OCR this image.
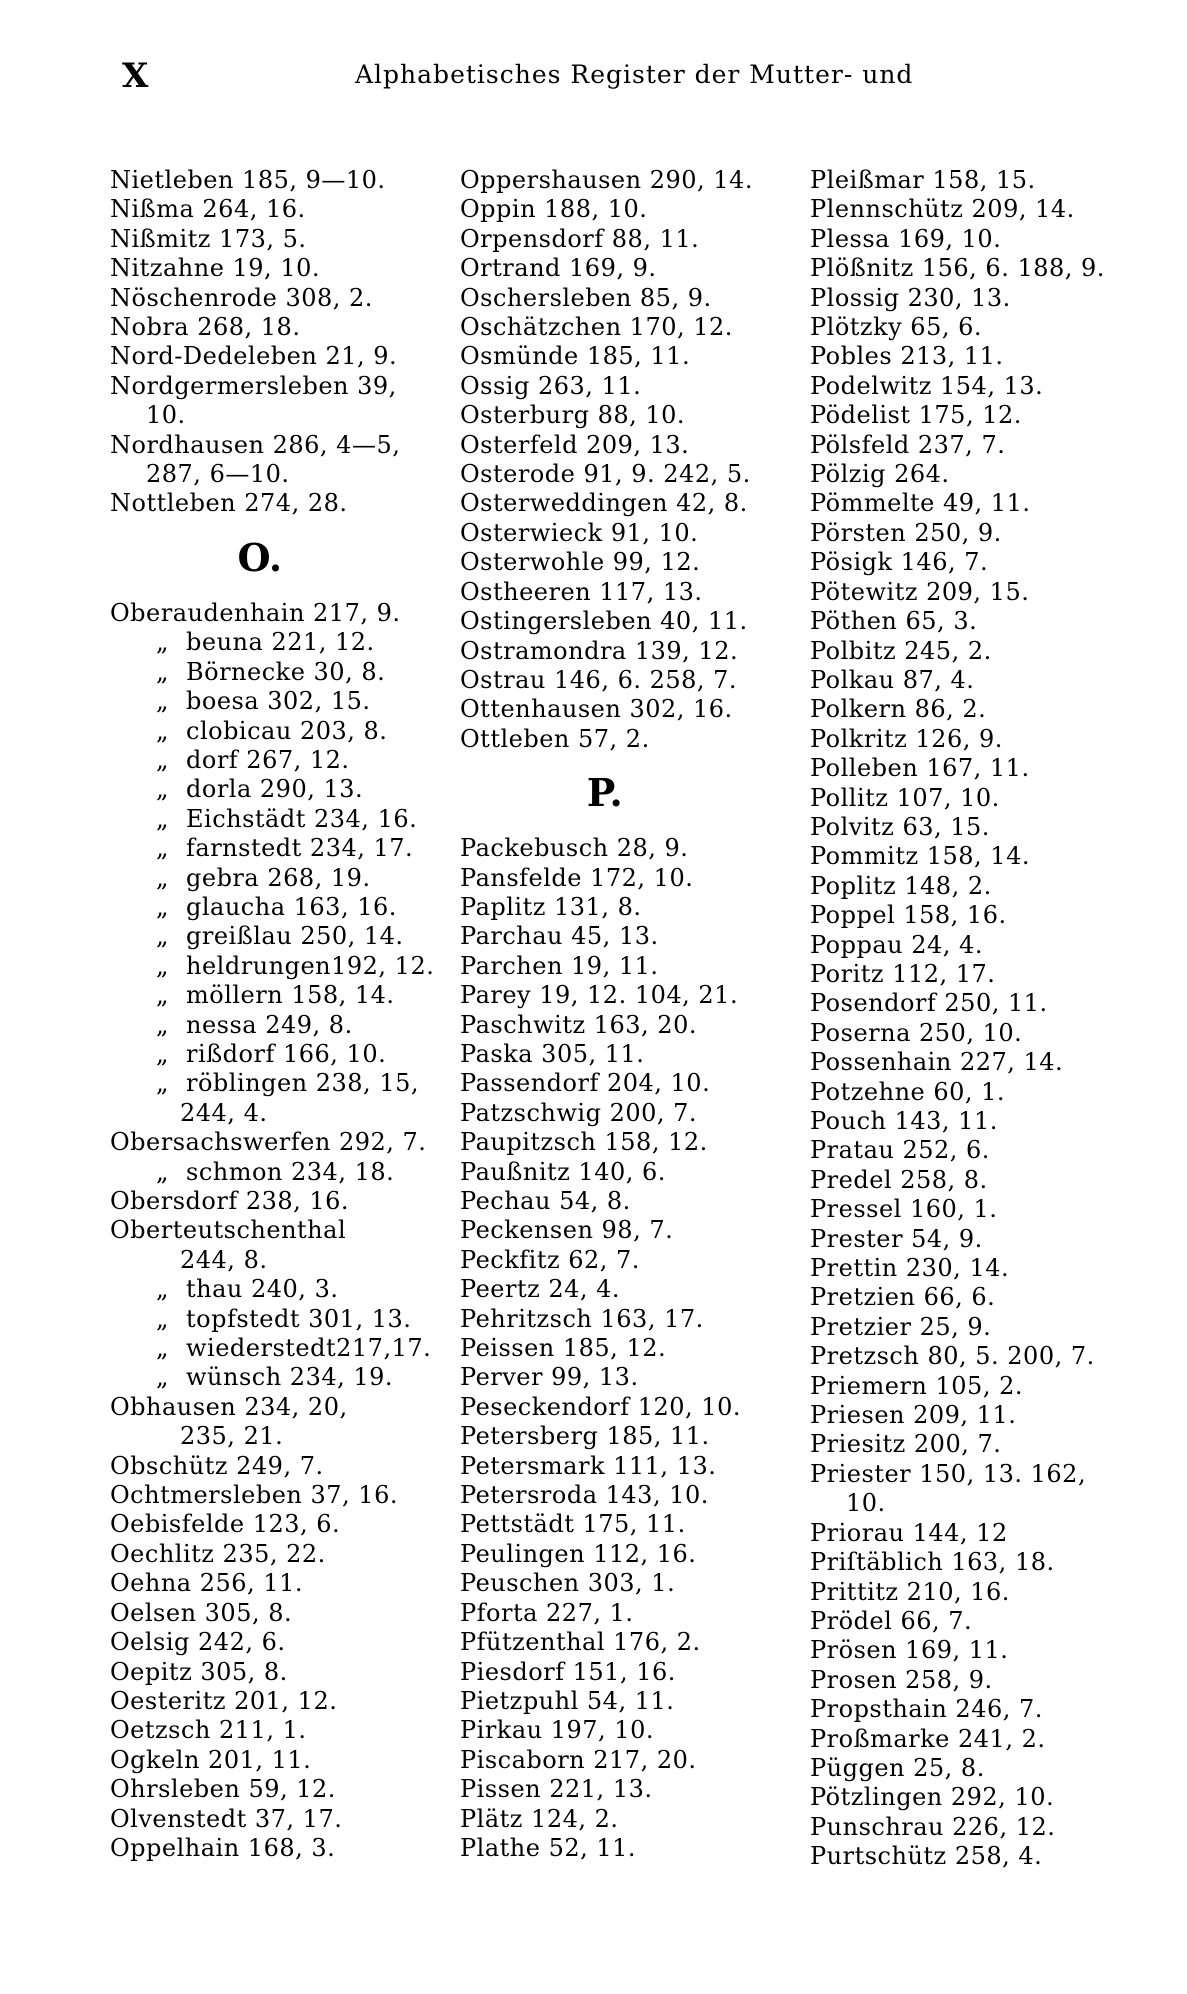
X	Alphabetisches Register der Mutter- und
Nietleben 185, 9—10.
Nißma 264, 16.
Nißmitz 173, 5.
Nitzahne 19, 10.
Nöschenrode 308, 2.
Nobra 268, 18.
Nord-Dedeleben 21, 9.
Nordgermersleben 39,
10.
Nordhausen 286, 4—5,
287, 6—10.
Nottleben 274, 28.
O.
Oberaudenhain 217, 9.
„ beuna 221, 12.
„ Börnecke 30, 8.
„ boesa 302, 15.
„ clobicau 203, 8.
„ dorf 267, 12.
„ dorla 290, 13.
„ Eichstädt 234, 16.
„ farnstedt 234, 17.
„ gebra 268, 19.
„ glaucha 163, 16.
„ greißlau 250, 14.
„ heldrungen192, 12.
„ möllern 158, 14.
„ nessa 249, 8.
„ rißdorf 166, 10.
„ röblingen 238, 15,
244, 4.
Obersachswerfen 292, 7.
„ schmon 234, 18.
Obersdorf 238, 16.
Oberteutschenthal
244, 8.
„ thau 240, 3.
„ topfstedt 301, 13.
„ wiederstedt217,17.
„ wünsch 234, 19.
Obhausen 234, 20,
235, 21.
Obschütz 249, 7.
Ochtmersleben 37, 16.
Oebisfelde 123, 6.
Oechlitz 235, 22.
Oehna 256, 11.
Oelsen 305, 8.
Oelsig 242, 6.
Oepitz 305, 8.
Oesteritz 201, 12.
Oetzsch 211, 1.
Ogkeln 201, 11.
Ohrsleben 59, 12.
Olvenstedt 37, 17.
Oppelhain 168, 3.
Oppershausen 290, 14.
Oppin 188, 10.
Orpensdorf 88, 11.
Ortrand 169, 9.
Oschersleben 85, 9.
Oschätzchen 170, 12.
Osmünde 185, 11.
Ossig 263, 11.
Osterburg 88, 10.
Osterfeld 209, 13.
Osterode 91, 9. 242, 5.
Osterweddingen 42, 8.
Osterwieck 91, 10.
Osterwohle 99, 12.
Ostheeren 117, 13.
Ostingersleben 40, 11.
Ostramondra 139, 12.
Ostrau 146, 6. 258, 7.
Ottenhausen 302, 16.
Ottleben 57, 2.
P.
Packebusch 28, 9.
Pansfelde 172, 10.
Paplitz 131, 8.
Parchau 45, 13.
Parchen 19, 11.
Parey 19, 12. 104, 21.
Paschwitz 163, 20.
Paska 305, 11.
Passendorf 204, 10.
Patzschwig 200, 7.
Paupitzsch 158, 12.
Paußnitz 140, 6.
Pechau 54, 8.
Peckensen 98, 7.
Peckfitz 62, 7.
Peertz 24, 4.
Pehritzsch 163, 17.
Peissen 185, 12.
Perver 99, 13.
Peseckendorf 120, 10.
Petersberg 185, 11.
Petersmark 111, 13.
Petersroda 143, 10.
Pettstädt 175, 11.
Peulingen 112, 16.
Peuschen 303, 1.
Pforta 227, 1.
Pfützenthal 176, 2.
Piesdorf 151, 16.
Pietzpuhl 54, 11.
Pirkau 197, 10.
Piscaborn 217, 20.
Pissen 221, 13.
Plätz 124, 2.
Plathe 52, 11.
Pleißmar 158, 15.
Plennschütz 209, 14.
Plessa 169, 10.
Plößnitz 156, 6. 188, 9.
Plossig 230, 13.
Plötzky 65, 6.
Pobles 213, 11.
Podelwitz 154, 13.
Pödelist 175, 12.
Pölsfeld 237, 7.
Pölzig 264.
Pömmelte 49, 11.
Pörsten 250, 9.
Pösigk 146, 7.
Pötewitz 209, 15.
Pöthen 65, 3.
Polbitz 245, 2.
Polkau 87, 4.
Polkern 86, 2.
Polkritz 126, 9.
Polleben 167, 11.
Pollitz 107, 10.
Polvitz 63, 15.
Pommitz 158, 14.
Poplitz 148, 2.
Poppel 158, 16.
Poppau 24, 4.
Poritz 112, 17.
Posendorf 250, 11.
Poserna 250, 10.
Possenhain 227, 14.
Potzehne 60, 1.
Pouch 143, 11.
Pratau 252, 6.
Predel 258, 8.
Pressel 160, 1.
Prester 54, 9.
Prettin 230, 14.
Pretzien 66, 6.
Pretzier 25, 9.
Pretzsch 80, 5. 200, 7.
Priemern 105, 2.
Priesen 209, 11.
Priesitz 200, 7.
Priester 150, 13. 162,
10.
Priorau 144, 12
Priſtäblich 163, 18.
Prittitz 210, 16.
Prödel 66, 7.
Prösen 169, 11.
Prosen 258, 9.
Propsthain 246, 7.
Proßmarke 241, 2.
Püggen 25, 8.
Pötzlingen 292, 10.
Punschrau 226, 12.
Purtschütz 258, 4.
